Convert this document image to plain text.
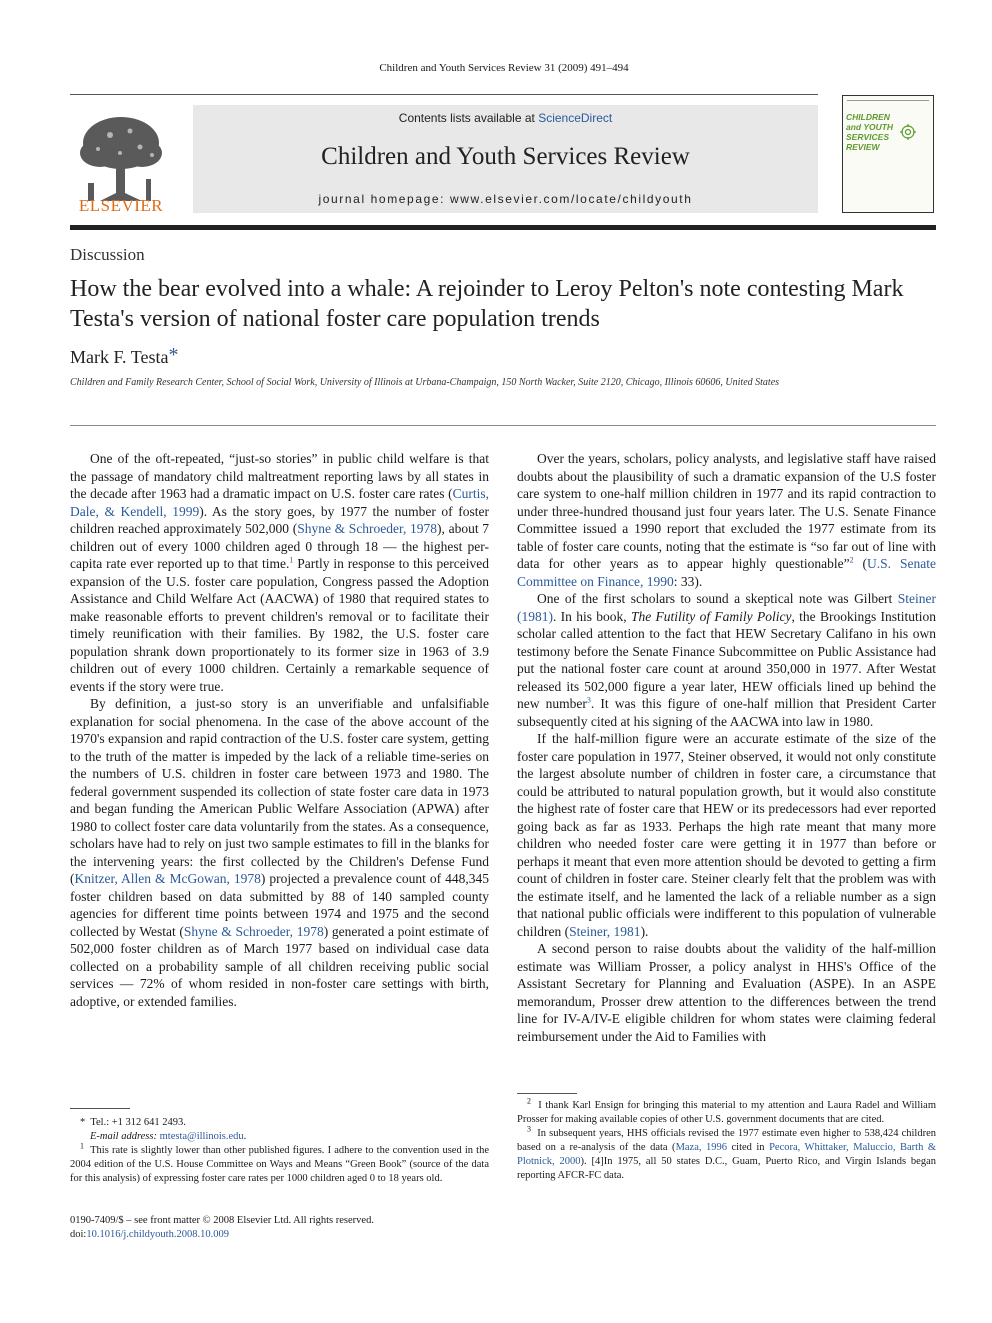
Children and Youth Services Review 31 (2009) 491–494
ELSEVIER
Contents lists available at ScienceDirect
Children and Youth Services Review
journal homepage: www.elsevier.com/locate/childyouth
CHILDREN and YOUTH SERVICES REVIEW
Discussion
How the bear evolved into a whale: A rejoinder to Leroy Pelton's note contesting Mark Testa's version of national foster care population trends
Mark F. Testa*
Children and Family Research Center, School of Social Work, University of Illinois at Urbana-Champaign, 150 North Wacker, Suite 2120, Chicago, Illinois 60606, United States

One of the oft-repeated, “just-so stories” in public child welfare is that the passage of mandatory child maltreatment reporting laws by all states in the decade after 1963 had a dramatic impact on U.S. foster care rates (Curtis, Dale, & Kendell, 1999). As the story goes, by 1977 the number of foster children reached approximately 502,000 (Shyne & Schroeder, 1978), about 7 children out of every 1000 children aged 0 through 18 — the highest per-capita rate ever reported up to that time.$^1$ Partly in response to this perceived expansion of the U.S. foster care population, Congress passed the Adoption Assistance and Child Welfare Act (AACWA) of 1980 that required states to make reasonable efforts to prevent children's removal or to facilitate their timely reunification with their families. By 1982, the U.S. foster care population shrank down proportionately to its former size in 1963 of 3.9 children out of every 1000 children. Certainly a remarkable sequence of events if the story were true.

By definition, a just-so story is an unverifiable and unfalsifiable explanation for social phenomena. In the case of the above account of the 1970's expansion and rapid contraction of the U.S. foster care system, getting to the truth of the matter is impeded by the lack of a reliable time-series on the numbers of U.S. children in foster care between 1973 and 1980. The federal government suspended its collection of state foster care data in 1973 and began funding the American Public Welfare Association (APWA) after 1980 to collect foster care data voluntarily from the states. As a consequence, scholars have had to rely on just two sample estimates to fill in the blanks for the intervening years: the first collected by the Children's Defense Fund (Knitzer, Allen & McGowan, 1978) projected a prevalence count of 448,345 foster children based on data submitted by 88 of 140 sampled county agencies for different time points between 1974 and 1975 and the second collected by Westat (Shyne & Schroeder, 1978) generated a point estimate of 502,000 foster children as of March 1977 based on individual case data collected on a probability sample of all children receiving public social services — 72% of whom resided in non-foster care settings with birth, adoptive, or extended families.

Over the years, scholars, policy analysts, and legislative staff have raised doubts about the plausibility of such a dramatic expansion of the U.S foster care system to one-half million children in 1977 and its rapid contraction to under three-hundred thousand just four years later. The U.S. Senate Finance Committee issued a 1990 report that excluded the 1977 estimate from its table of foster care counts, noting that the estimate is “so far out of line with data for other years as to appear highly questionable”$^2$ (U.S. Senate Committee on Finance, 1990: 33).

One of the first scholars to sound a skeptical note was Gilbert Steiner (1981). In his book, The Futility of Family Policy, the Brookings Institution scholar called attention to the fact that HEW Secretary Califano in his own testimony before the Senate Finance Subcommittee on Public Assistance had put the national foster care count at around 350,000 in 1977. After Westat released its 502,000 figure a year later, HEW officials lined up behind the new number$^3$. It was this figure of one-half million that President Carter subsequently cited at his signing of the AACWA into law in 1980.

If the half-million figure were an accurate estimate of the size of the foster care population in 1977, Steiner observed, it would not only constitute the largest absolute number of children in foster care, a circumstance that could be attributed to natural population growth, but it would also constitute the highest rate of foster care that HEW or its predecessors had ever reported going back as far as 1933. Perhaps the high rate meant that many more children who needed foster care were getting it in 1977 than before or perhaps it meant that even more attention should be devoted to getting a firm count of children in foster care. Steiner clearly felt that the problem was with the estimate itself, and he lamented the lack of a reliable number as a sign that national public officials were indifferent to this population of vulnerable children (Steiner, 1981).

A second person to raise doubts about the validity of the half-million estimate was William Prosser, a policy analyst in HHS's Office of the Assistant Secretary for Planning and Evaluation (ASPE). In an ASPE memorandum, Prosser drew attention to the differences between the trend line for IV-A/IV-E eligible children for whom states were claiming federal reimbursement under the Aid to Families with

* Tel.: +1 312 641 2493.

E-mail address: mtesta@illinois.edu.

$^1$ This rate is slightly lower than other published figures. I adhere to the convention used in the 2004 edition of the U.S. House Committee on Ways and Means “Green Book” (source of the data for this analysis) of expressing foster care rates per 1000 children aged 0 to 18 years old.

$^2$ I thank Karl Ensign for bringing this material to my attention and Laura Radel and William Prosser for making available copies of other U.S. government documents that are cited.

$^3$ In subsequent years, HHS officials revised the 1977 estimate even higher to 538,424 children based on a re-analysis of the data (Maza, 1996 cited in Pecora, Whittaker, Maluccio, Barth & Plotnick, 2000). [4]In 1975, all 50 states D.C., Guam, Puerto Rico, and Virgin Islands began reporting AFCR-FC data.

0190-7409/$ – see front matter © 2008 Elsevier Ltd. All rights reserved.
doi:10.1016/j.childyouth.2008.10.009
